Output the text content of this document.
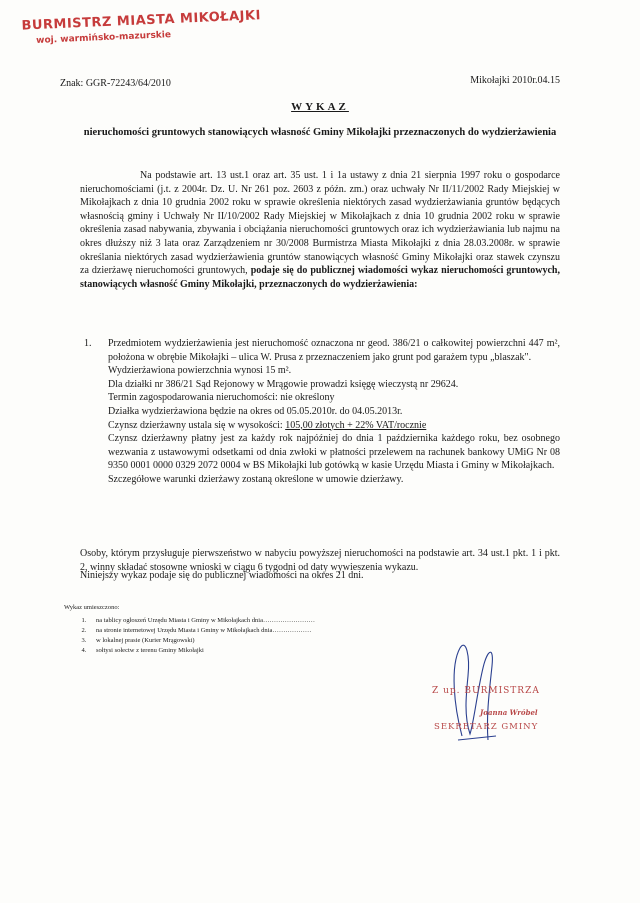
BURMISTRZ MIASTA MIKOŁAJKI
woj. warmińsko-mazurskie
Znak: GGR-72243/64/2010	Mikołajki 2010r.04.15
WYKAZ
nieruchomości gruntowych stanowiących własność Gminy Mikołajki przeznaczonych do wydzierżawienia
Na podstawie art. 13 ust.1 oraz art. 35 ust. 1 i 1a ustawy z dnia 21 sierpnia 1997 roku o gospodarce nieruchomościami (j.t. z 2004r. Dz. U. Nr 261 poz. 2603 z późn. zm.) oraz uchwały Nr II/11/2002 Rady Miejskiej w Mikołajkach z dnia 10 grudnia 2002 roku w sprawie określenia niektórych zasad wydzierżawiania gruntów będących własnością gminy i Uchwały Nr II/10/2002 Rady Miejskiej w Mikołajkach z dnia 10 grudnia 2002 roku w sprawie określenia zasad nabywania, zbywania i obciążania nieruchomości gruntowych oraz ich wydzierżawiania lub najmu na okres dłuższy niż 3 lata oraz Zarządzeniem nr 30/2008 Burmistrza Miasta Mikołajki z dnia 28.03.2008r. w sprawie określania niektórych zasad wydzierżawienia gruntów stanowiących własność Gminy Mikołajki oraz stawek czynszu za dzierżawę nieruchomości gruntowych, podaje się do publicznej wiadomości wykaz nieruchomości gruntowych, stanowiących własność Gminy Mikołajki, przeznaczonych do wydzierżawienia:
1. Przedmiotem wydzierżawienia jest nieruchomość oznaczona nr geod. 386/21 o całkowitej powierzchni 447 m², położona w obrębie Mikołajki – ulica W. Prusa z przeznaczeniem jako grunt pod garażem typu „blaszak".
Wydzierżawiona powierzchnia wynosi 15 m².
Dla działki nr 386/21 Sąd Rejonowy w Mrągowie prowadzi księgę wieczystą nr 29624.
Termin zagospodarowania nieruchomości: nie określony
Działka wydzierżawiona będzie na okres od 05.05.2010r. do 04.05.2013r.
Czynsz dzierżawny ustala się w wysokości: 105,00 złotych + 22% VAT/rocznie
Czynsz dzierżawny płatny jest za każdy rok najpóźniej do dnia 1 października każdego roku, bez osobnego wezwania z ustawowymi odsetkami od dnia zwłoki w płatności przelewem na rachunek bankowy UMiG Nr 08 9350 0001 0000 0329 2072 0004 w BS Mikołajki lub gotówką w kasie Urzędu Miasta i Gminy w Mikołajkach.
Szczegółowe warunki dzierżawy zostaną określone w umowie dzierżawy.
Osoby, którym przysługuje pierwszeństwo w nabyciu powyższej nieruchomości na podstawie art. 34 ust.1 pkt. 1 i pkt. 2, winny składać stosowne wnioski w ciągu 6 tygodni od daty wywieszenia wykazu.
Niniejszy wykaz podaje się do publicznej wiadomości na okres 21 dni.
Wykaz umieszczono:
1. na tablicy ogłoszeń Urzędu Miasta i Gminy w Mikołajkach dnia……………………
2. na stronie internetowej Urzędu Miasta i Gminy w Mikołajkach dnia………………
3. w lokalnej prasie (Kurier Mrągowski)
4. sołtysi sołectw z terenu Gminy Mikołajki
Z up. BURMISTRZA
Joanna Wróbel
SEKRETARZ GMINY
